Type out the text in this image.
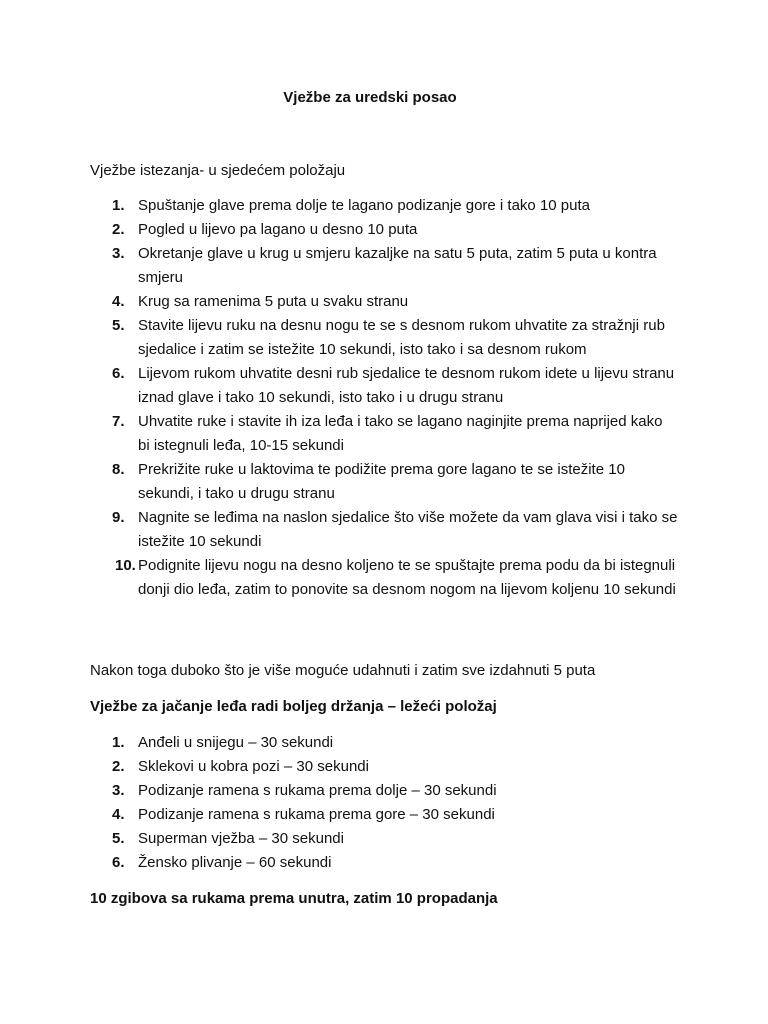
Vježbe za uredski posao
Vježbe istezanja- u sjedećem položaju
1. Spuštanje glave prema dolje te lagano podizanje gore i tako 10 puta
2. Pogled u lijevo pa lagano u desno 10 puta
3. Okretanje glave u krug u smjeru kazaljke na satu 5 puta, zatim 5 puta u kontra smjeru
4. Krug sa ramenima 5 puta u svaku stranu
5. Stavite lijevu ruku na desnu nogu te se s desnom rukom uhvatite za stražnji rub sjedalice i zatim se istežite 10 sekundi, isto tako i sa desnom rukom
6. Lijevom rukom uhvatite desni rub sjedalice te desnom rukom idete u lijevu stranu iznad glave i tako 10 sekundi, isto tako i u drugu stranu
7. Uhvatite ruke i stavite ih iza leđa i tako se lagano naginjite prema naprijed kako bi istegnuli leđa, 10-15 sekundi
8. Prekrižite ruke u laktovima te podižite prema gore lagano te se istežite 10 sekundi, i tako u drugu stranu
9. Nagnite se leđima na naslon sjedalice što više možete da vam glava visi i tako se istežite 10 sekundi
10. Podignite lijevu nogu na desno koljeno te se spuštajte prema podu da bi istegnuli donji dio leđa, zatim to ponovite sa desnom nogom na lijevom koljenu 10 sekundi
Nakon toga duboko što je više moguće udahnuti i zatim sve izdahnuti 5 puta
Vježbe za jačanje leđa radi boljeg držanja – ležeći položaj
1. Anđeli u snijegu – 30 sekundi
2. Sklekovi u kobra pozi – 30 sekundi
3. Podizanje ramena s rukama prema dolje – 30 sekundi
4. Podizanje ramena s rukama prema gore – 30 sekundi
5. Superman vježba – 30 sekundi
6. Žensko plivanje – 60 sekundi
10 zgibova sa rukama prema unutra, zatim 10 propadanja
